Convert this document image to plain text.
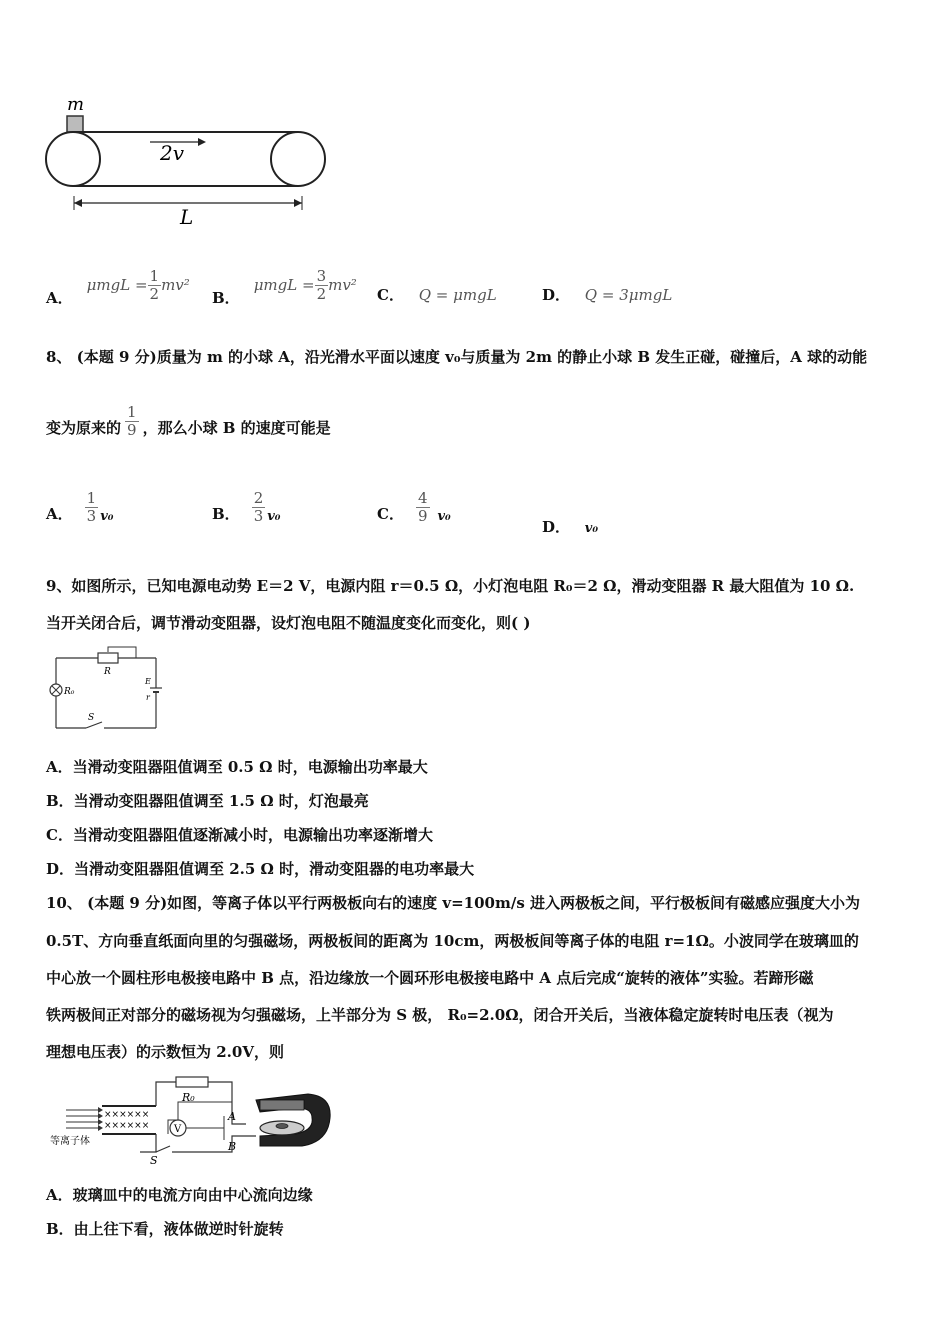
m
2v
L
A．
$\mu mgL = \frac{1}{2} mv^2$
B．
$\mu mgL = \frac{3}{2} mv^2$
C． Q = μmgL	D． Q = 3μmgL
8、 (本题 9 分)质量为 m 的小球 A，沿光滑水平面以速度 v₀与质量为 2m 的静止小球 B 发生正碰，碰撞后，A 球的动能
变为原来的 $\frac{1}{9}$ ，那么小球 B 的速度可能是
A． $\frac{1}{3} v_0$	B． $\frac{2}{3} v_0$	C． $\frac{4}{9} v_0$
D． v₀
9、如图所示，已知电源电动势 E＝2 V，电源内阻 r＝0.5 Ω，小灯泡电阻 R₀＝2 Ω，滑动变阻器 R 最大阻值为 10 Ω.
当开关闭合后，调节滑动变阻器，设灯泡电阻不随温度变化而变化，则( )
R
R₀
S
E
r
A．当滑动变阻器阻值调至 0.5 Ω 时，电源输出功率最大
B．当滑动变阻器阻值调至 1.5 Ω 时，灯泡最亮
C．当滑动变阻器阻值逐渐减小时，电源输出功率逐渐增大
D．当滑动变阻器阻值调至 2.5 Ω 时，滑动变阻器的电功率最大
10、 (本题 9 分)如图，等离子体以平行两极板向右的速度 v=100m/s 进入两极板之间，平行极板间有磁感应强度大小为
0.5T、方向垂直纸面向里的匀强磁场，两极板间的距离为 10cm，两极板间等离子体的电阻 r=1Ω。小波同学在玻璃皿的
中心放一个圆柱形电极接电路中 B 点，沿边缘放一个圆环形电极接电路中 A 点后完成“旋转的液体”实验。若蹄形磁
铁两极间正对部分的磁场视为匀强磁场，上半部分为 S 极， R₀=2.0Ω，闭合开关后，当液体稳定旋转时电压表（视为
理想电压表）的示数恒为 2.0V，则
等离子体
××××××
××××××
R₀
V
A
B
S
A．玻璃皿中的电流方向由中心流向边缘
B．由上往下看，液体做逆时针旋转
